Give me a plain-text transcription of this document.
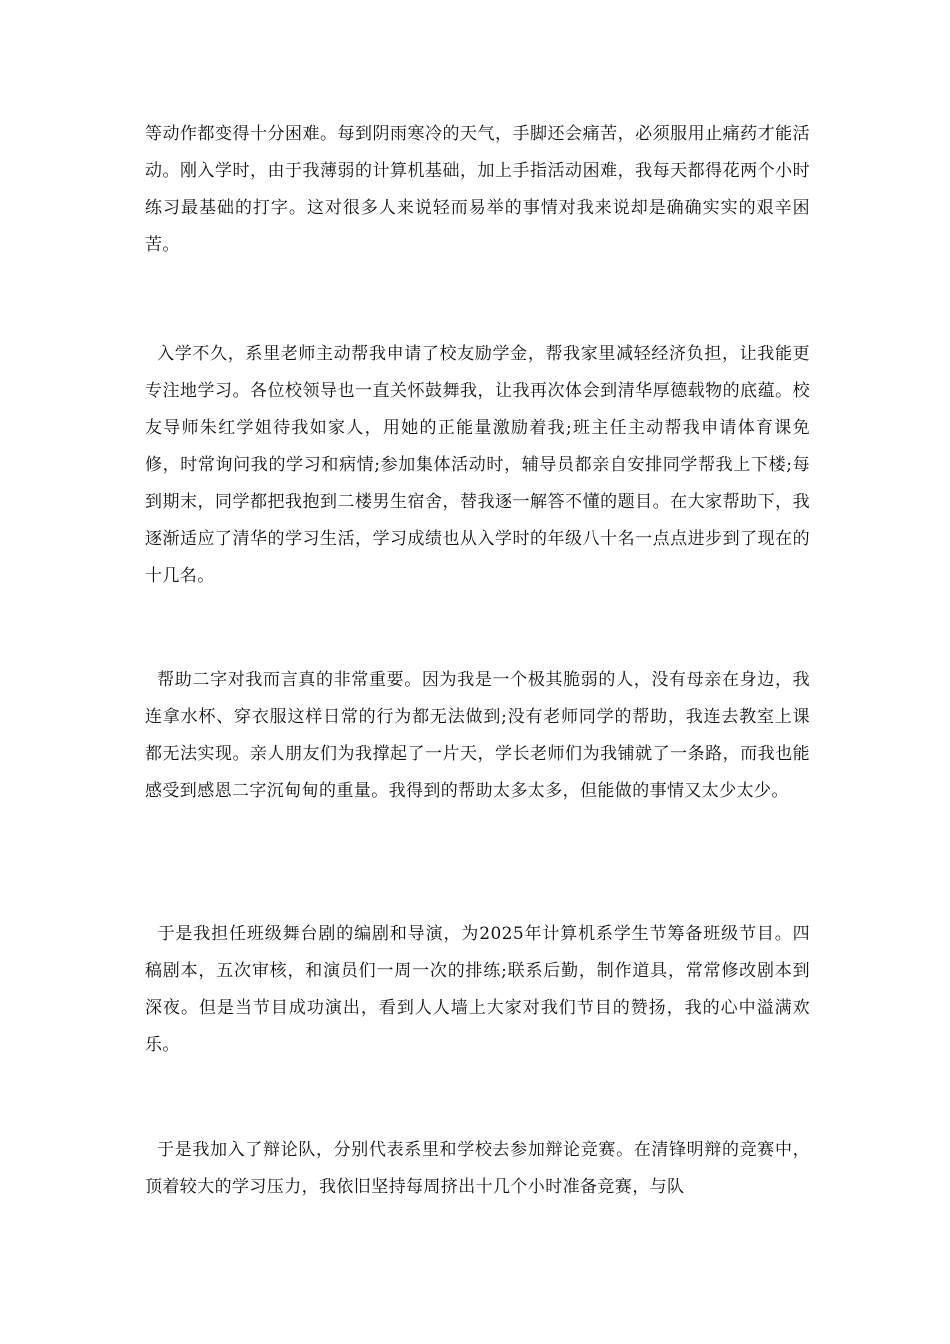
等动作都变得十分困难。每到阴雨寒冷的天气，手脚还会痛苦，必须服用止痛药才能活动。刚入学时，由于我薄弱的计算机基础，加上手指活动困难，我每天都得花两个小时练习最基础的打字。这对很多人来说轻而易举的事情对我来说却是确确实实的艰辛困苦。

入学不久，系里老师主动帮我申请了校友励学金，帮我家里减轻经济负担，让我能更专注地学习。各位校领导也一直关怀鼓舞我，让我再次体会到清华厚德载物的底蕴。校友导师朱红学姐待我如家人，用她的正能量激励着我;班主任主动帮我申请体育课免修，时常询问我的学习和病情;参加集体活动时，辅导员都亲自安排同学帮我上下楼;每到期末，同学都把我抱到二楼男生宿舍，替我逐一解答不懂的题目。在大家帮助下，我逐渐适应了清华的学习生活，学习成绩也从入学时的年级八十名一点点进步到了现在的十几名。

帮助二字对我而言真的非常重要。因为我是一个极其脆弱的人，没有母亲在身边，我连拿水杯、穿衣服这样日常的行为都无法做到;没有老师同学的帮助，我连去教室上课都无法实现。亲人朋友们为我撑起了一片天，学长老师们为我铺就了一条路，而我也能感受到感恩二字沉甸甸的重量。我得到的帮助太多太多，但能做的事情又太少太少。

于是我担任班级舞台剧的编剧和导演，为2025年计算机系学生节筹备班级节目。四稿剧本，五次审核，和演员们一周一次的排练;联系后勤，制作道具，常常修改剧本到深夜。但是当节目成功演出，看到人人墙上大家对我们节目的赞扬，我的心中溢满欢乐。

于是我加入了辩论队，分别代表系里和学校去参加辩论竞赛。在清锋明辩的竞赛中，顶着较大的学习压力，我依旧坚持每周挤出十几个小时准备竞赛，与队
